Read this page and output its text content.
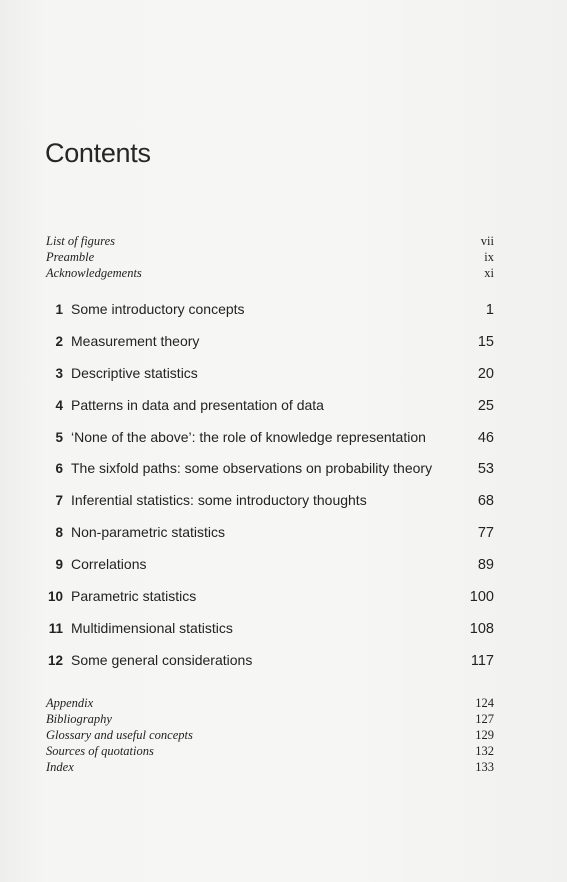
Contents
List of figures	vii
Preamble	ix
Acknowledgements	xi
1 Some introductory concepts	1
2 Measurement theory	15
3 Descriptive statistics	20
4 Patterns in data and presentation of data	25
5 ‘None of the above’: the role of knowledge representation	46
6 The sixfold paths: some observations on probability theory	53
7 Inferential statistics: some introductory thoughts	68
8 Non-parametric statistics	77
9 Correlations	89
10 Parametric statistics	100
11 Multidimensional statistics	108
12 Some general considerations	117
Appendix	124
Bibliography	127
Glossary and useful concepts	129
Sources of quotations	132
Index	133
